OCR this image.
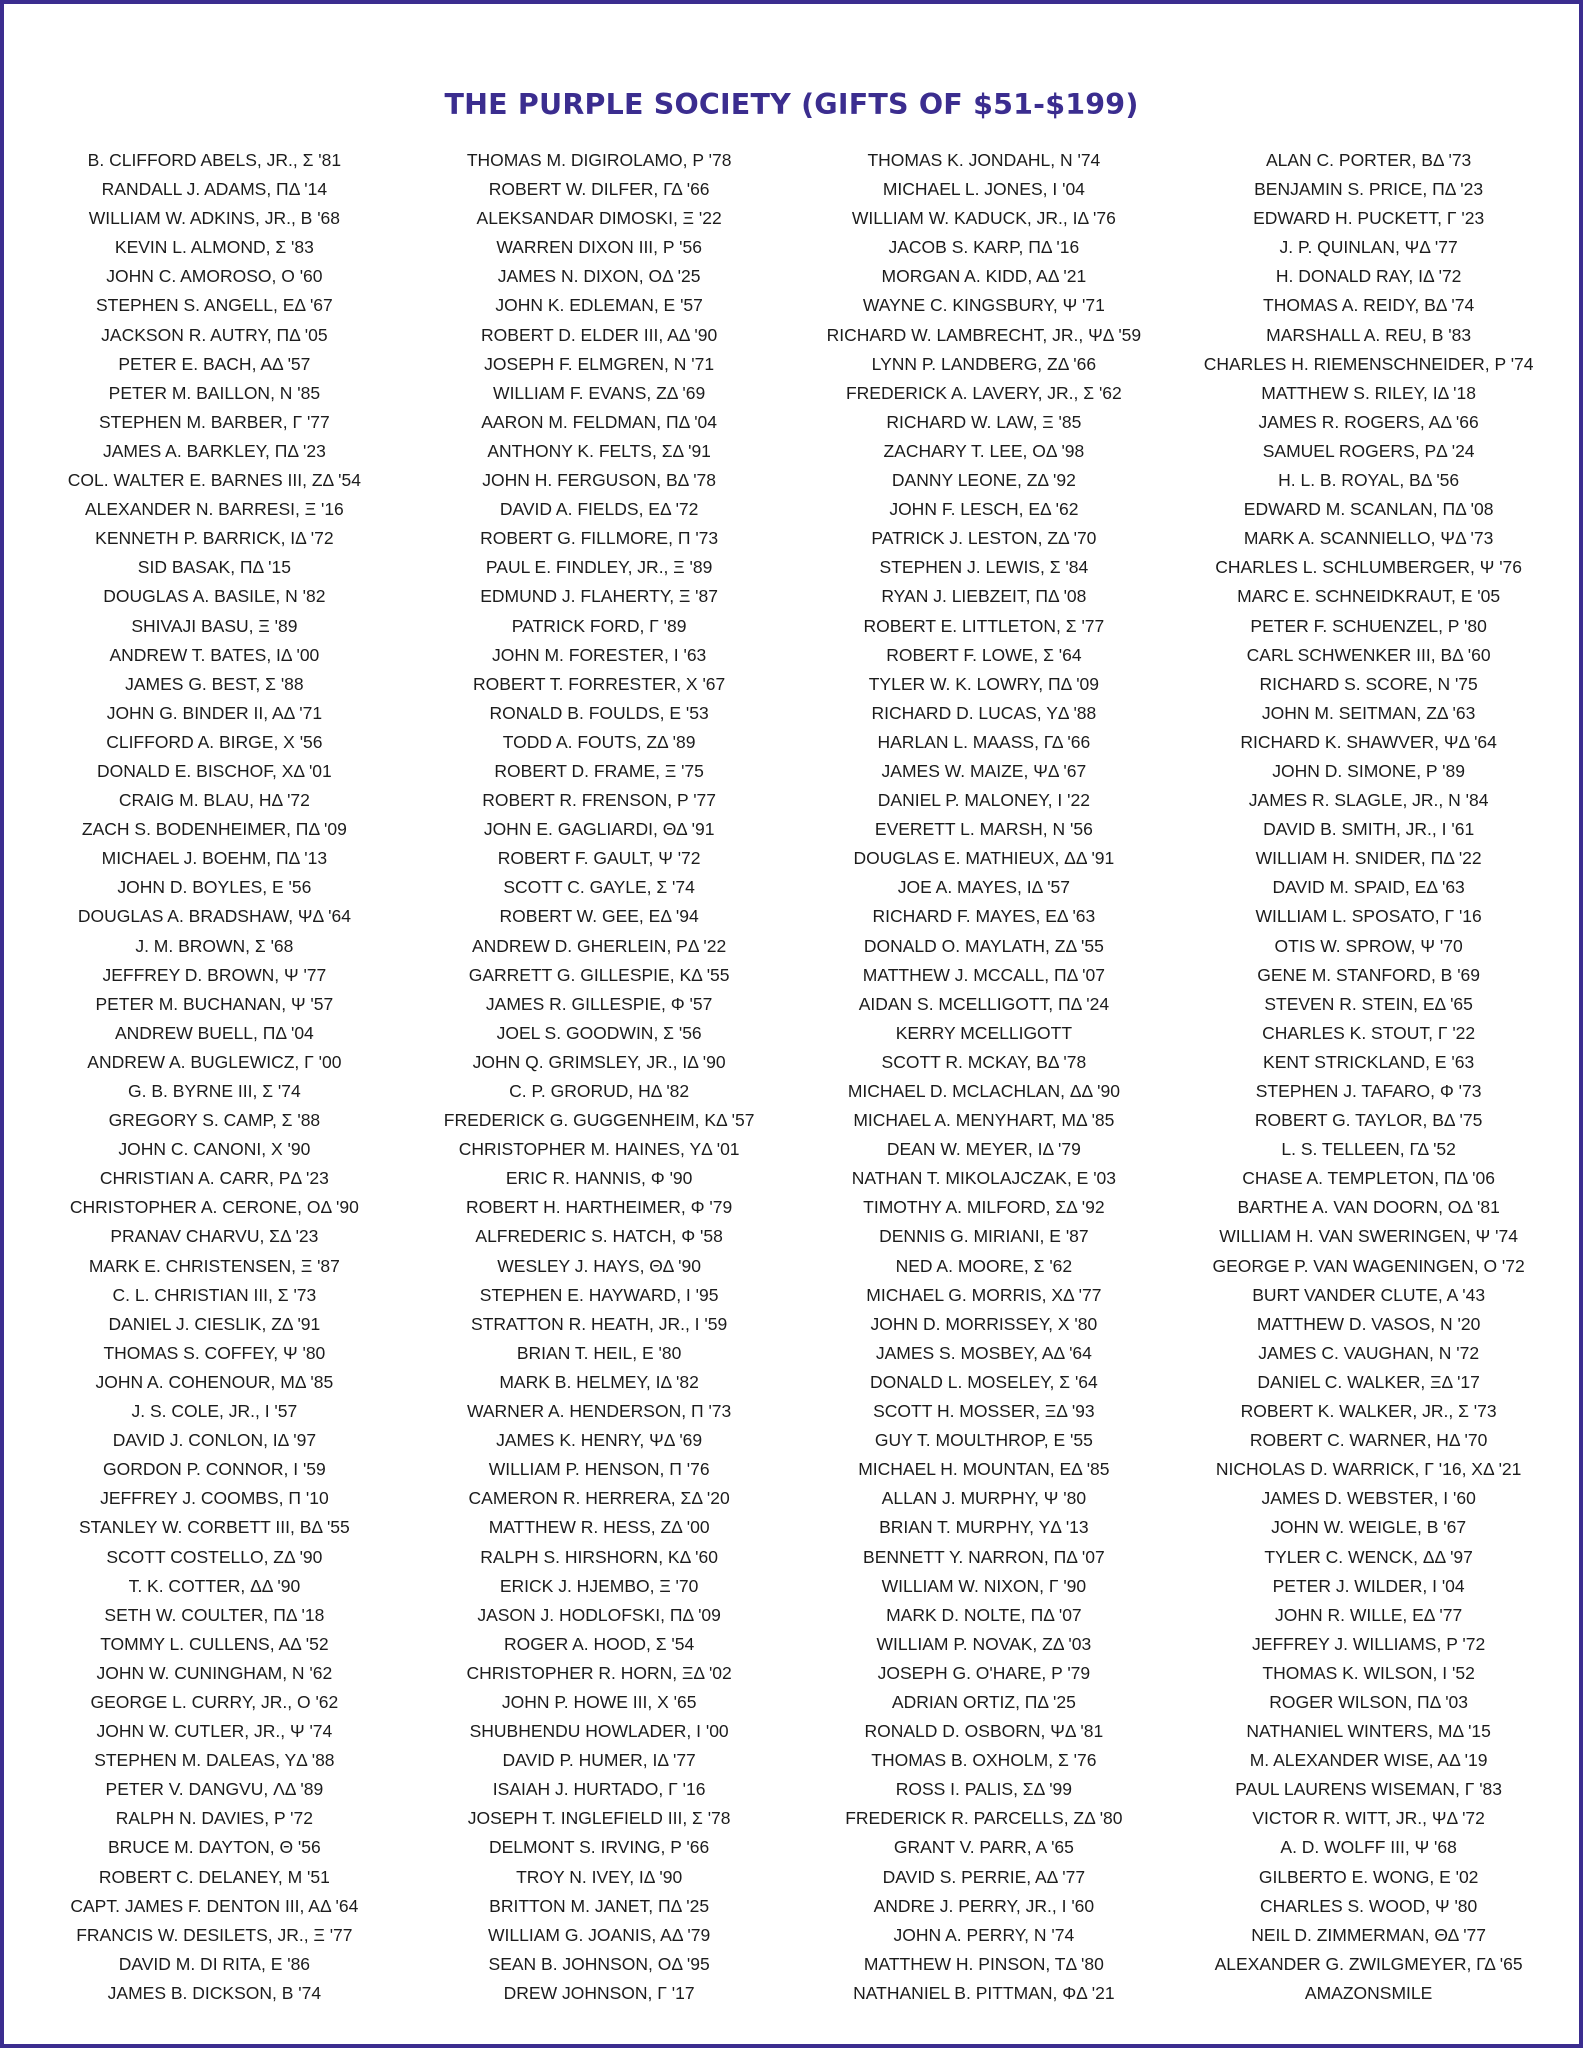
THE PURPLE SOCIETY (GIFTS OF $51-$199)
B. CLIFFORD ABELS, JR., Σ '81
RANDALL J. ADAMS, ΠΔ '14
WILLIAM W. ADKINS, JR., B '68
KEVIN L. ALMOND, Σ '83
JOHN C. AMOROSO, O '60
STEPHEN S. ANGELL, EΔ '67
JACKSON R. AUTRY, ΠΔ '05
PETER E. BACH, AΔ '57
PETER M. BAILLON, N '85
STEPHEN M. BARBER, Γ '77
JAMES A. BARKLEY, ΠΔ '23
COL. WALTER E. BARNES III, ZΔ '54
ALEXANDER N. BARRESI, Ξ '16
KENNETH P. BARRICK, IΔ '72
SID BASAK, ΠΔ '15
DOUGLAS A. BASILE, N '82
SHIVAJI BASU, Ξ '89
ANDREW T. BATES, IΔ '00
JAMES G. BEST, Σ '88
JOHN G. BINDER II, AΔ '71
CLIFFORD A. BIRGE, X '56
DONALD E. BISCHOF, XΔ '01
CRAIG M. BLAU, HΔ '72
ZACH S. BODENHEIMER, ΠΔ '09
MICHAEL J. BOEHM, ΠΔ '13
JOHN D. BOYLES, E '56
DOUGLAS A. BRADSHAW, ΨΔ '64
J. M. BROWN, Σ '68
JEFFREY D. BROWN, Ψ '77
PETER M. BUCHANAN, Ψ '57
ANDREW BUELL, ΠΔ '04
ANDREW A. BUGLEWICZ, Γ '00
G. B. BYRNE III, Σ '74
GREGORY S. CAMP, Σ '88
JOHN C. CANONI, X '90
CHRISTIAN A. CARR, PΔ '23
CHRISTOPHER A. CERONE, OΔ '90
PRANAV CHARVU, ΣΔ '23
MARK E. CHRISTENSEN, Ξ '87
C. L. CHRISTIAN III, Σ '73
DANIEL J. CIESLIK, ZΔ '91
THOMAS S. COFFEY, Ψ '80
JOHN A. COHENOUR, MΔ '85
J. S. COLE, JR., I '57
DAVID J. CONLON, IΔ '97
GORDON P. CONNOR, I '59
JEFFREY J. COOMBS, Π '10
STANLEY W. CORBETT III, BΔ '55
SCOTT COSTELLO, ZΔ '90
T. K. COTTER, ΔΔ '90
SETH W. COULTER, ΠΔ '18
TOMMY L. CULLENS, AΔ '52
JOHN W. CUNINGHAM, N '62
GEORGE L. CURRY, JR., O '62
JOHN W. CUTLER, JR., Ψ '74
STEPHEN M. DALEAS, YΔ '88
PETER V. DANGVU, ΛΔ '89
RALPH N. DAVIES, P '72
BRUCE M. DAYTON, Θ '56
ROBERT C. DELANEY, M '51
CAPT. JAMES F. DENTON III, AΔ '64
FRANCIS W. DESILETS, JR., Ξ '77
DAVID M. DI RITA, E '86
JAMES B. DICKSON, B '74
THOMAS M. DIGIROLAMO, P '78
ROBERT W. DILFER, ΓΔ '66
ALEKSANDAR DIMOSKI, Ξ '22
WARREN DIXON III, P '56
JAMES N. DIXON, OΔ '25
JOHN K. EDLEMAN, E '57
ROBERT D. ELDER III, AΔ '90
JOSEPH F. ELMGREN, N '71
WILLIAM F. EVANS, ZΔ '69
AARON M. FELDMAN, ΠΔ '04
ANTHONY K. FELTS, ΣΔ '91
JOHN H. FERGUSON, BΔ '78
DAVID A. FIELDS, EΔ '72
ROBERT G. FILLMORE, Π '73
PAUL E. FINDLEY, JR., Ξ '89
EDMUND J. FLAHERTY, Ξ '87
PATRICK FORD, Γ '89
JOHN M. FORESTER, I '63
ROBERT T. FORRESTER, X '67
RONALD B. FOULDS, E '53
TODD A. FOUTS, ZΔ '89
ROBERT D. FRAME, Ξ '75
ROBERT R. FRENSON, P '77
JOHN E. GAGLIARDI, ΘΔ '91
ROBERT F. GAULT, Ψ '72
SCOTT C. GAYLE, Σ '74
ROBERT W. GEE, EΔ '94
ANDREW D. GHERLEIN, PΔ '22
GARRETT G. GILLESPIE, KΔ '55
JAMES R. GILLESPIE, Φ '57
JOEL S. GOODWIN, Σ '56
JOHN Q. GRIMSLEY, JR., IΔ '90
C. P. GRORUD, HΔ '82
FREDERICK G. GUGGENHEIM, KΔ '57
CHRISTOPHER M. HAINES, YΔ '01
ERIC R. HANNIS, Φ '90
ROBERT H. HARTHEIMER, Φ '79
ALFREDERIC S. HATCH, Φ '58
WESLEY J. HAYS, ΘΔ '90
STEPHEN E. HAYWARD, I '95
STRATTON R. HEATH, JR., I '59
BRIAN T. HEIL, E '80
MARK B. HELMEY, IΔ '82
WARNER A. HENDERSON, Π '73
JAMES K. HENRY, ΨΔ '69
WILLIAM P. HENSON, Π '76
CAMERON R. HERRERA, ΣΔ '20
MATTHEW R. HESS, ZΔ '00
RALPH S. HIRSHORN, KΔ '60
ERICK J. HJEMBO, Ξ '70
JASON J. HODLOFSKI, ΠΔ '09
ROGER A. HOOD, Σ '54
CHRISTOPHER R. HORN, ΞΔ '02
JOHN P. HOWE III, X '65
SHUBHENDU HOWLADER, I '00
DAVID P. HUMER, IΔ '77
ISAIAH J. HURTADO, Γ '16
JOSEPH T. INGLEFIELD III, Σ '78
DELMONT S. IRVING, P '66
TROY N. IVEY, IΔ '90
BRITTON M. JANET, ΠΔ '25
WILLIAM G. JOANIS, AΔ '79
SEAN B. JOHNSON, OΔ '95
DREW JOHNSON, Γ '17
THOMAS K. JONDAHL, N '74
MICHAEL L. JONES, I '04
WILLIAM W. KADUCK, JR., IΔ '76
JACOB S. KARP, ΠΔ '16
MORGAN A. KIDD, AΔ '21
WAYNE C. KINGSBURY, Ψ '71
RICHARD W. LAMBRECHT, JR., ΨΔ '59
LYNN P. LANDBERG, ZΔ '66
FREDERICK A. LAVERY, JR., Σ '62
RICHARD W. LAW, Ξ '85
ZACHARY T. LEE, OΔ '98
DANNY LEONE, ZΔ '92
JOHN F. LESCH, EΔ '62
PATRICK J. LESTON, ZΔ '70
STEPHEN J. LEWIS, Σ '84
RYAN J. LIEBZEIT, ΠΔ '08
ROBERT E. LITTLETON, Σ '77
ROBERT F. LOWE, Σ '64
TYLER W. K. LOWRY, ΠΔ '09
RICHARD D. LUCAS, YΔ '88
HARLAN L. MAASS, ΓΔ '66
JAMES W. MAIZE, ΨΔ '67
DANIEL P. MALONEY, I '22
EVERETT L. MARSH, N '56
DOUGLAS E. MATHIEUX, ΔΔ '91
JOE A. MAYES, IΔ '57
RICHARD F. MAYES, EΔ '63
DONALD O. MAYLATH, ZΔ '55
MATTHEW J. MCCALL, ΠΔ '07
AIDAN S. MCELLIGOTT, ΠΔ '24
KERRY MCELLIGOTT
SCOTT R. MCKAY, BΔ '78
MICHAEL D. MCLACHLAN, ΔΔ '90
MICHAEL A. MENYHART, MΔ '85
DEAN W. MEYER, IΔ '79
NATHAN T. MIKOLAJCZAK, E '03
TIMOTHY A. MILFORD, ΣΔ '92
DENNIS G. MIRIANI, E '87
NED A. MOORE, Σ '62
MICHAEL G. MORRIS, XΔ '77
JOHN D. MORRISSEY, X '80
JAMES S. MOSBEY, AΔ '64
DONALD L. MOSELEY, Σ '64
SCOTT H. MOSSER, ΞΔ '93
GUY T. MOULTHROP, E '55
MICHAEL H. MOUNTAN, EΔ '85
ALLAN J. MURPHY, Ψ '80
BRIAN T. MURPHY, YΔ '13
BENNETT Y. NARRON, ΠΔ '07
WILLIAM W. NIXON, Γ '90
MARK D. NOLTE, ΠΔ '07
WILLIAM P. NOVAK, ZΔ '03
JOSEPH G. O'HARE, P '79
ADRIAN ORTIZ, ΠΔ '25
RONALD D. OSBORN, ΨΔ '81
THOMAS B. OXHOLM, Σ '76
ROSS I. PALIS, ΣΔ '99
FREDERICK R. PARCELLS, ZΔ '80
GRANT V. PARR, A '65
DAVID S. PERRIE, AΔ '77
ANDRE J. PERRY, JR., I '60
JOHN A. PERRY, N '74
MATTHEW H. PINSON, TΔ '80
NATHANIEL B. PITTMAN, ΦΔ '21
ALAN C. PORTER, BΔ '73
BENJAMIN S. PRICE, ΠΔ '23
EDWARD H. PUCKETT, Γ '23
J. P. QUINLAN, ΨΔ '77
H. DONALD RAY, IΔ '72
THOMAS A. REIDY, BΔ '74
MARSHALL A. REU, B '83
CHARLES H. RIEMENSCHNEIDER, P '74
MATTHEW S. RILEY, IΔ '18
JAMES R. ROGERS, AΔ '66
SAMUEL ROGERS, PΔ '24
H. L. B. ROYAL, BΔ '56
EDWARD M. SCANLAN, ΠΔ '08
MARK A. SCANNIELLO, ΨΔ '73
CHARLES L. SCHLUMBERGER, Ψ '76
MARC E. SCHNEIDKRAUT, E '05
PETER F. SCHUENZEL, P '80
CARL SCHWENKER III, BΔ '60
RICHARD S. SCORE, N '75
JOHN M. SEITMAN, ZΔ '63
RICHARD K. SHAWVER, ΨΔ '64
JOHN D. SIMONE, P '89
JAMES R. SLAGLE, JR., N '84
DAVID B. SMITH, JR., I '61
WILLIAM H. SNIDER, ΠΔ '22
DAVID M. SPAID, EΔ '63
WILLIAM L. SPOSATO, Γ '16
OTIS W. SPROW, Ψ '70
GENE M. STANFORD, B '69
STEVEN R. STEIN, EΔ '65
CHARLES K. STOUT, Γ '22
KENT STRICKLAND, E '63
STEPHEN J. TAFARO, Φ '73
ROBERT G. TAYLOR, BΔ '75
L. S. TELLEEN, ΓΔ '52
CHASE A. TEMPLETON, ΠΔ '06
BARTHE A. VAN DOORN, OΔ '81
WILLIAM H. VAN SWERINGEN, Ψ '74
GEORGE P. VAN WAGENINGEN, O '72
BURT VANDER CLUTE, A '43
MATTHEW D. VASOS, N '20
JAMES C. VAUGHAN, N '72
DANIEL C. WALKER, ΞΔ '17
ROBERT K. WALKER, JR., Σ '73
ROBERT C. WARNER, HΔ '70
NICHOLAS D. WARRICK, Γ '16, XΔ '21
JAMES D. WEBSTER, I '60
JOHN W. WEIGLE, B '67
TYLER C. WENCK, ΔΔ '97
PETER J. WILDER, I '04
JOHN R. WILLE, EΔ '77
JEFFREY J. WILLIAMS, P '72
THOMAS K. WILSON, I '52
ROGER WILSON, ΠΔ '03
NATHANIEL WINTERS, MΔ '15
M. ALEXANDER WISE, AΔ '19
PAUL LAURENS WISEMAN, Γ '83
VICTOR R. WITT, JR., ΨΔ '72
A. D. WOLFF III, Ψ '68
GILBERTO E. WONG, E '02
CHARLES S. WOOD, Ψ '80
NEIL D. ZIMMERMAN, ΘΔ '77
ALEXANDER G. ZWILGMEYER, ΓΔ '65
AMAZONSMILE
